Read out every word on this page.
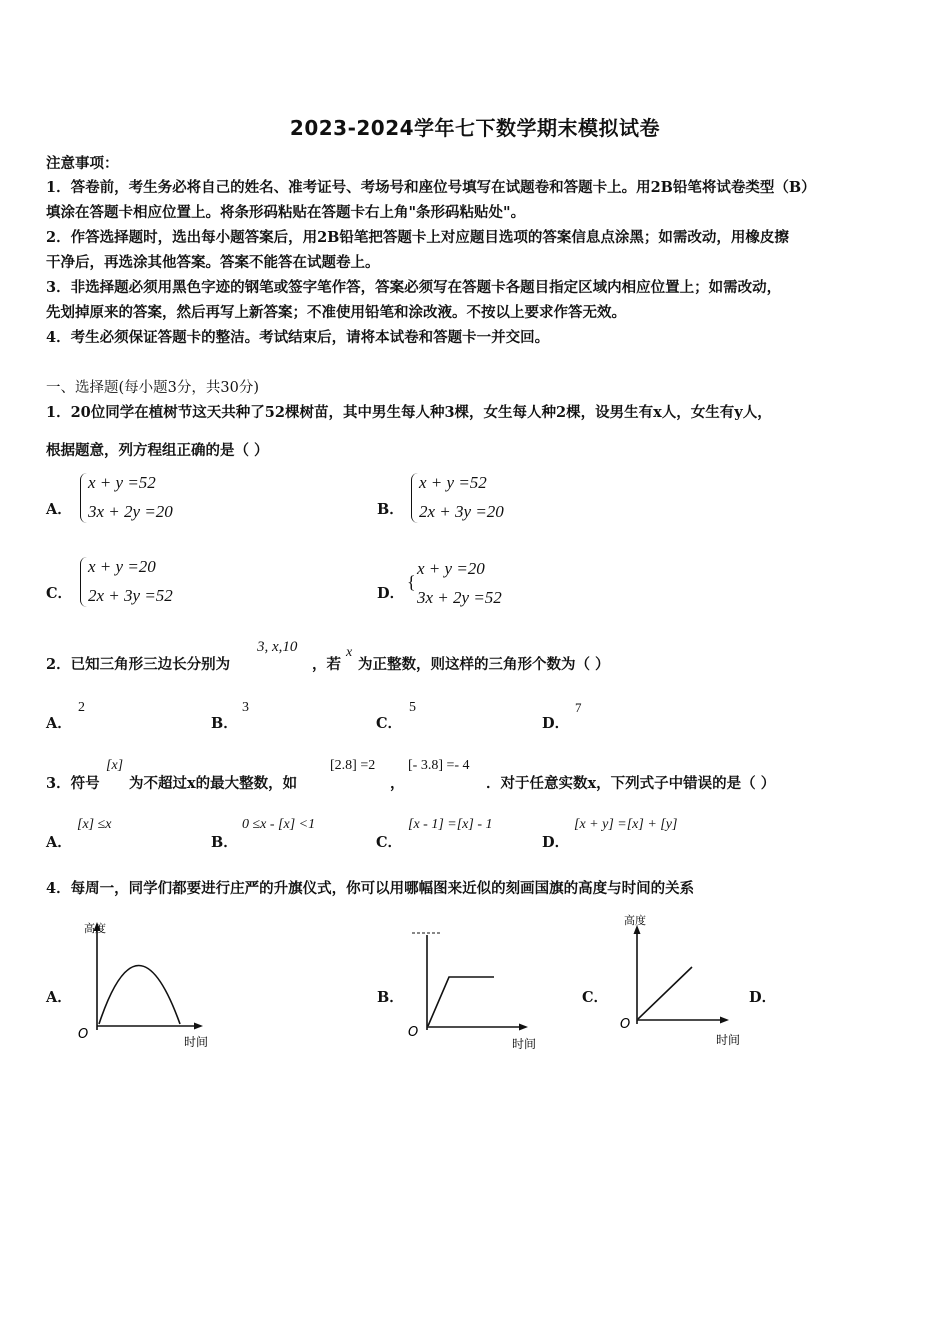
2023-2024学年七下数学期末模拟试卷
注意事项：
1．答卷前，考生务必将自己的姓名、准考证号、考场号和座位号填写在试题卷和答题卡上。用2B铅笔将试卷类型（B）
填涂在答题卡相应位置上。将条形码粘贴在答题卡右上角"条形码粘贴处"。
2．作答选择题时，选出每小题答案后，用2B铅笔把答题卡上对应题目选项的答案信息点涂黑；如需改动，用橡皮擦
干净后，再选涂其他答案。答案不能答在试题卷上。
3．非选择题必须用黑色字迹的钢笔或签字笔作答，答案必须写在答题卡各题目指定区域内相应位置上；如需改动，
先划掉原来的答案，然后再写上新答案；不准使用铅笔和涂改液。不按以上要求作答无效。
4．考生必须保证答题卡的整洁。考试结束后，请将本试卷和答题卡一并交回。
一、选择题(每小题3分，共30分)
1．20位同学在植树节这天共种了52棵树苗，其中男生每人种3棵，女生每人种2棵，设男生有x人，女生有y人，
根据题意，列方程组正确的是（ ）
A．
x + y =52
3x + 2y =20	B．
x + y =52
2x + 3y =20
C．
x + y =20
2x + 3y =52	D．
{
x + y =20
3x + 2y =52
2．已知三角形三边长分别为
3, x,10
，若
x
为正整数，则这样的三角形个数为（ ）
A．
2
B．
3
C．
5
D．
7
3．符号
[x]
为不超过x的最大整数，如
[2.8] =2
，
[- 3.8] =- 4
．对于任意实数x，下列式子中错误的是（ ）
A．
[x] ≤x
B．
0 ≤x - [x] <1
C．
[x - 1] =[x] - 1
D．
[x + y] =[x] + [y]
4．每周一，同学们都要进行庄严的升旗仪式，你可以用哪幅图来近似的刻画国旗的高度与时间的关系
A．	B．	C．	D．
高度
O	时间
O
时间
高度
O
时间
